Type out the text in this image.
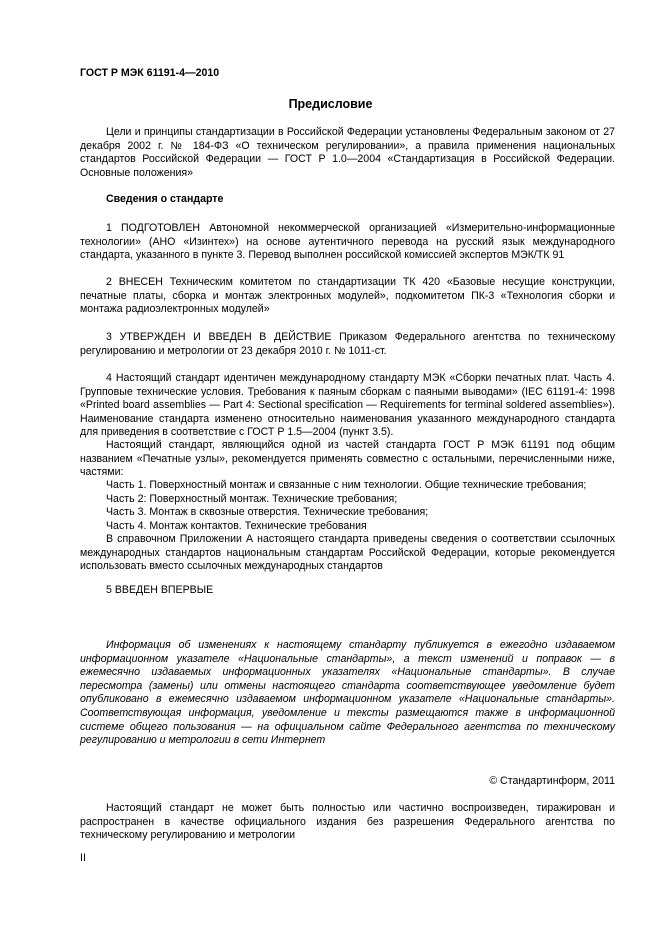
ГОСТ Р МЭК 61191-4—2010
Предисловие

Цели и принципы стандартизации в Российской Федерации установлены Федеральным законом от 27 декабря 2002 г. № 184-ФЗ «О техническом регулировании», а правила применения национальных стандартов Российской Федерации — ГОСТ Р 1.0—2004 «Стандартизация в Российской Федерации. Основные положения»

Сведения о стандарте

1 ПОДГОТОВЛЕН Автономной некоммерческой организацией «Измерительно-информационные технологии» (АНО «Изинтех») на основе аутентичного перевода на русский язык международного стандарта, указанного в пункте 3. Перевод выполнен российской комиссией экспертов МЭК/ТК 91

2 ВНЕСЕН Техническим комитетом по стандартизации ТК 420 «Базовые несущие конструкции, печатные платы, сборка и монтаж электронных модулей», подкомитетом ПК-3 «Технология сборки и монтажа радиоэлектронных модулей»

3 УТВЕРЖДЕН И ВВЕДЕН В ДЕЙСТВИЕ Приказом Федерального агентства по техническому регулированию и метрологии от 23 декабря 2010 г. № 1011-ст.

4 Настоящий стандарт идентичен международному стандарту МЭК «Сборки печатных плат. Часть 4. Групповые технические условия. Требования к паяным сборкам с паяными выводами» (IEC 61191-4: 1998 «Printed board assemblies — Part 4: Sectional specification — Requirements for terminal soldered assemblies»). Наименование стандарта изменено относительно наименования указанного международного стандарта для приведения в соответствие с ГОСТ Р 1.5—2004 (пункт 3.5).

Настоящий стандарт, являющийся одной из частей стандарта ГОСТ Р МЭК 61191 под общим названием «Печатные узлы», рекомендуется применять совместно с остальными, перечисленными ниже, частями:

Часть 1. Поверхностный монтаж и связанные с ним технологии. Общие технические требования;
Часть 2: Поверхностный монтаж. Технические требования;
Часть 3. Монтаж в сквозные отверстия. Технические требования;
Часть 4. Монтаж контактов. Технические требования

В справочном Приложении А настоящего стандарта приведены сведения о соответствии ссылочных международных стандартов национальным стандартам Российской Федерации, которые рекомендуется использовать вместо ссылочных международных стандартов

5 ВВЕДЕН ВПЕРВЫЕ

Информация об изменениях к настоящему стандарту публикуется в ежегодно издаваемом информационном указателе «Национальные стандарты», а текст изменений и поправок — в ежемесячно издаваемых информационных указателях «Национальные стандарты». В случае пересмотра (замены) или отмены настоящего стандарта соответствующее уведомление будет опубликовано в ежемесячно издаваемом информационном указателе «Национальные стандарты». Соответствующая информация, уведомление и тексты размещаются также в информационной системе общего пользования — на официальном сайте Федерального агентства по техническому регулированию и метрологии в сети Интернет

© Стандартинформ, 2011

Настоящий стандарт не может быть полностью или частично воспроизведен, тиражирован и распространен в качестве официального издания без разрешения Федерального агентства по техническому регулированию и метрологии

II
